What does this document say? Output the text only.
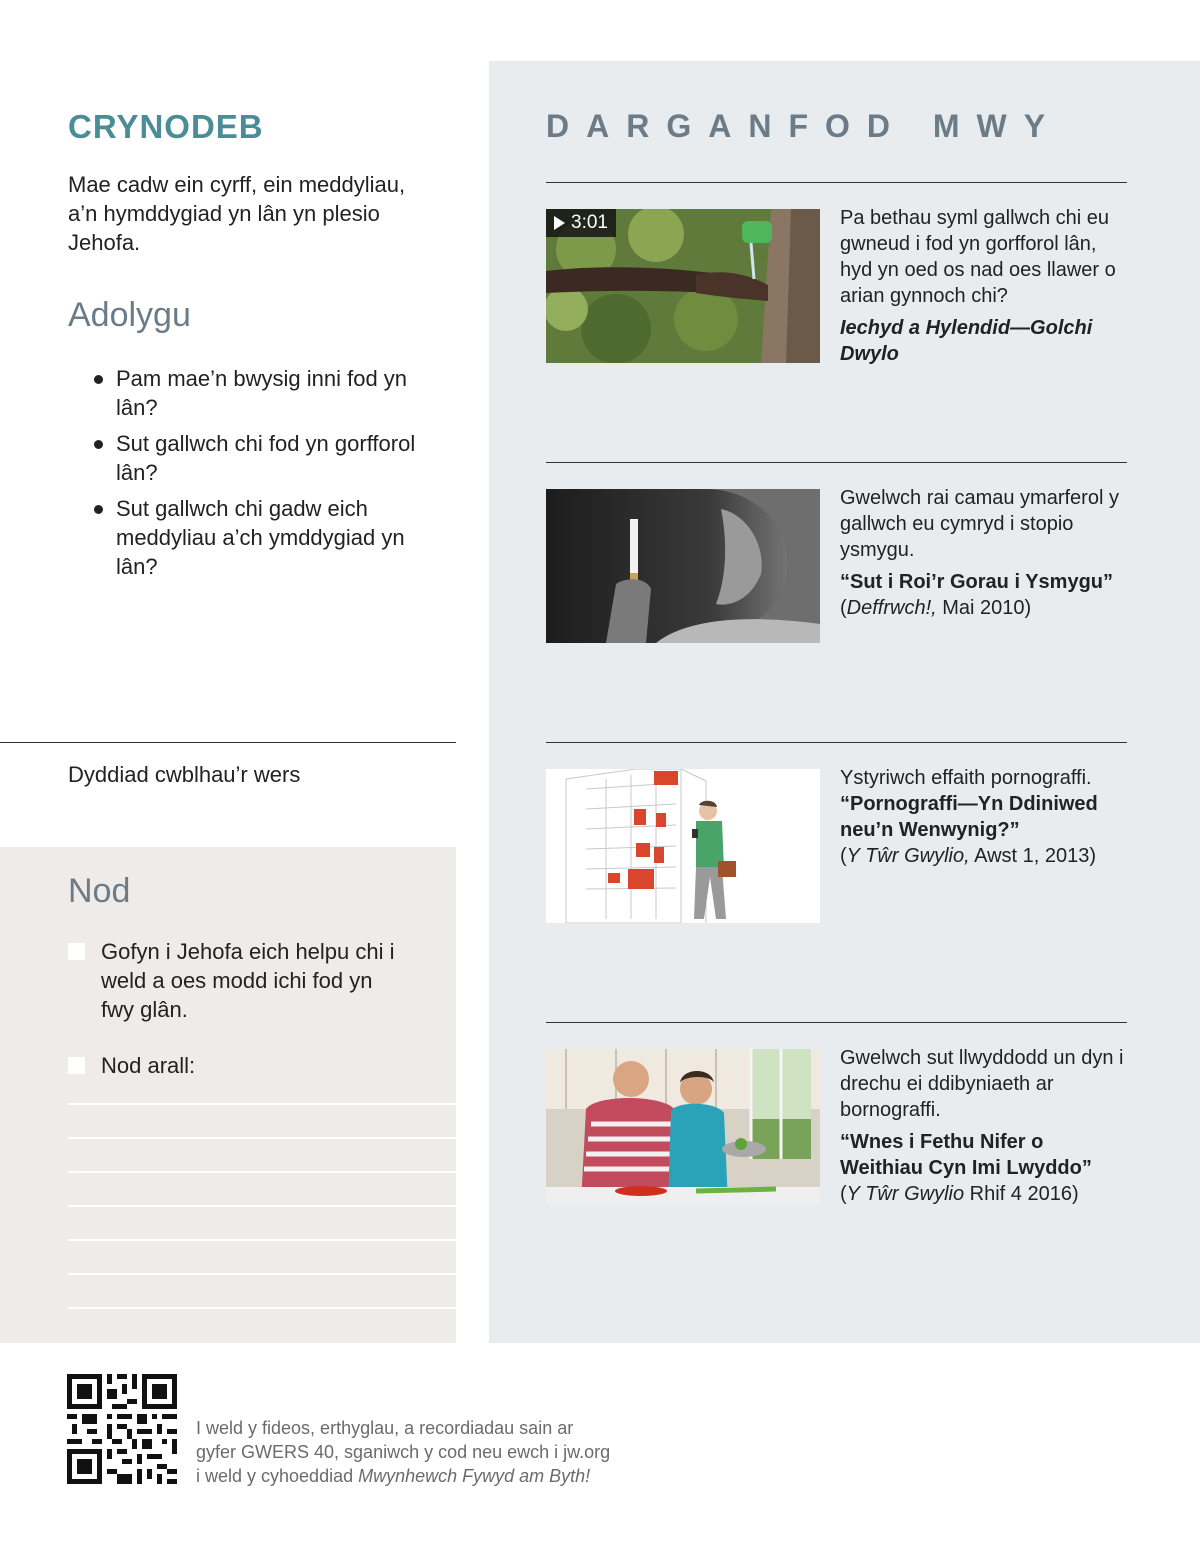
CRYNODEB

Mae cadw ein cyrff, ein meddyliau, a’n hymddygiad yn lân yn plesio Jehofa.

Adolygu
Pam mae’n bwysig inni fod yn lân?
Sut gallwch chi fod yn gorfforol lân?
Sut gallwch chi gadw eich meddyliau a’ch ymddygiad yn lân?
Dyddiad cwblhau’r wers
Nod
Gofyn i Jehofa eich helpu chi i weld a oes modd ichi fod yn fwy glân.
Nod arall:
DARGANFOD MWY
3:01	Pa bethau syml gallwch chi eu gwneud i fod yn gorfforol lân, hyd yn oed os nad oes llawer o arian gynnoch chi?
Iechyd a Hylendid—Golchi Dwylo
Gwelwch rai camau ymarferol y gallwch eu cymryd i stopio ysmygu.
“Sut i Roi’r Gorau i Ysmygu”
(Deffrwch!, Mai 2010)
Ystyriwch effaith pornograffi.
“Pornograffi—Yn Ddiniwed neu’n Wenwynig?”
(Y Tŵr Gwylio, Awst 1, 2013)
Gwelwch sut llwyddodd un dyn i drechu ei ddibyniaeth ar bornograffi.
“Wnes i Fethu Nifer o Weithiau Cyn Imi Lwyddo”
(Y Tŵr Gwylio Rhif 4 2016)
I weld y fideos, erthyglau, a recordiadau sain ar
gyfer GWERS 40, sganiwch y cod neu ewch i jw.org
i weld y cyhoeddiad Mwynhewch Fywyd am Byth!
